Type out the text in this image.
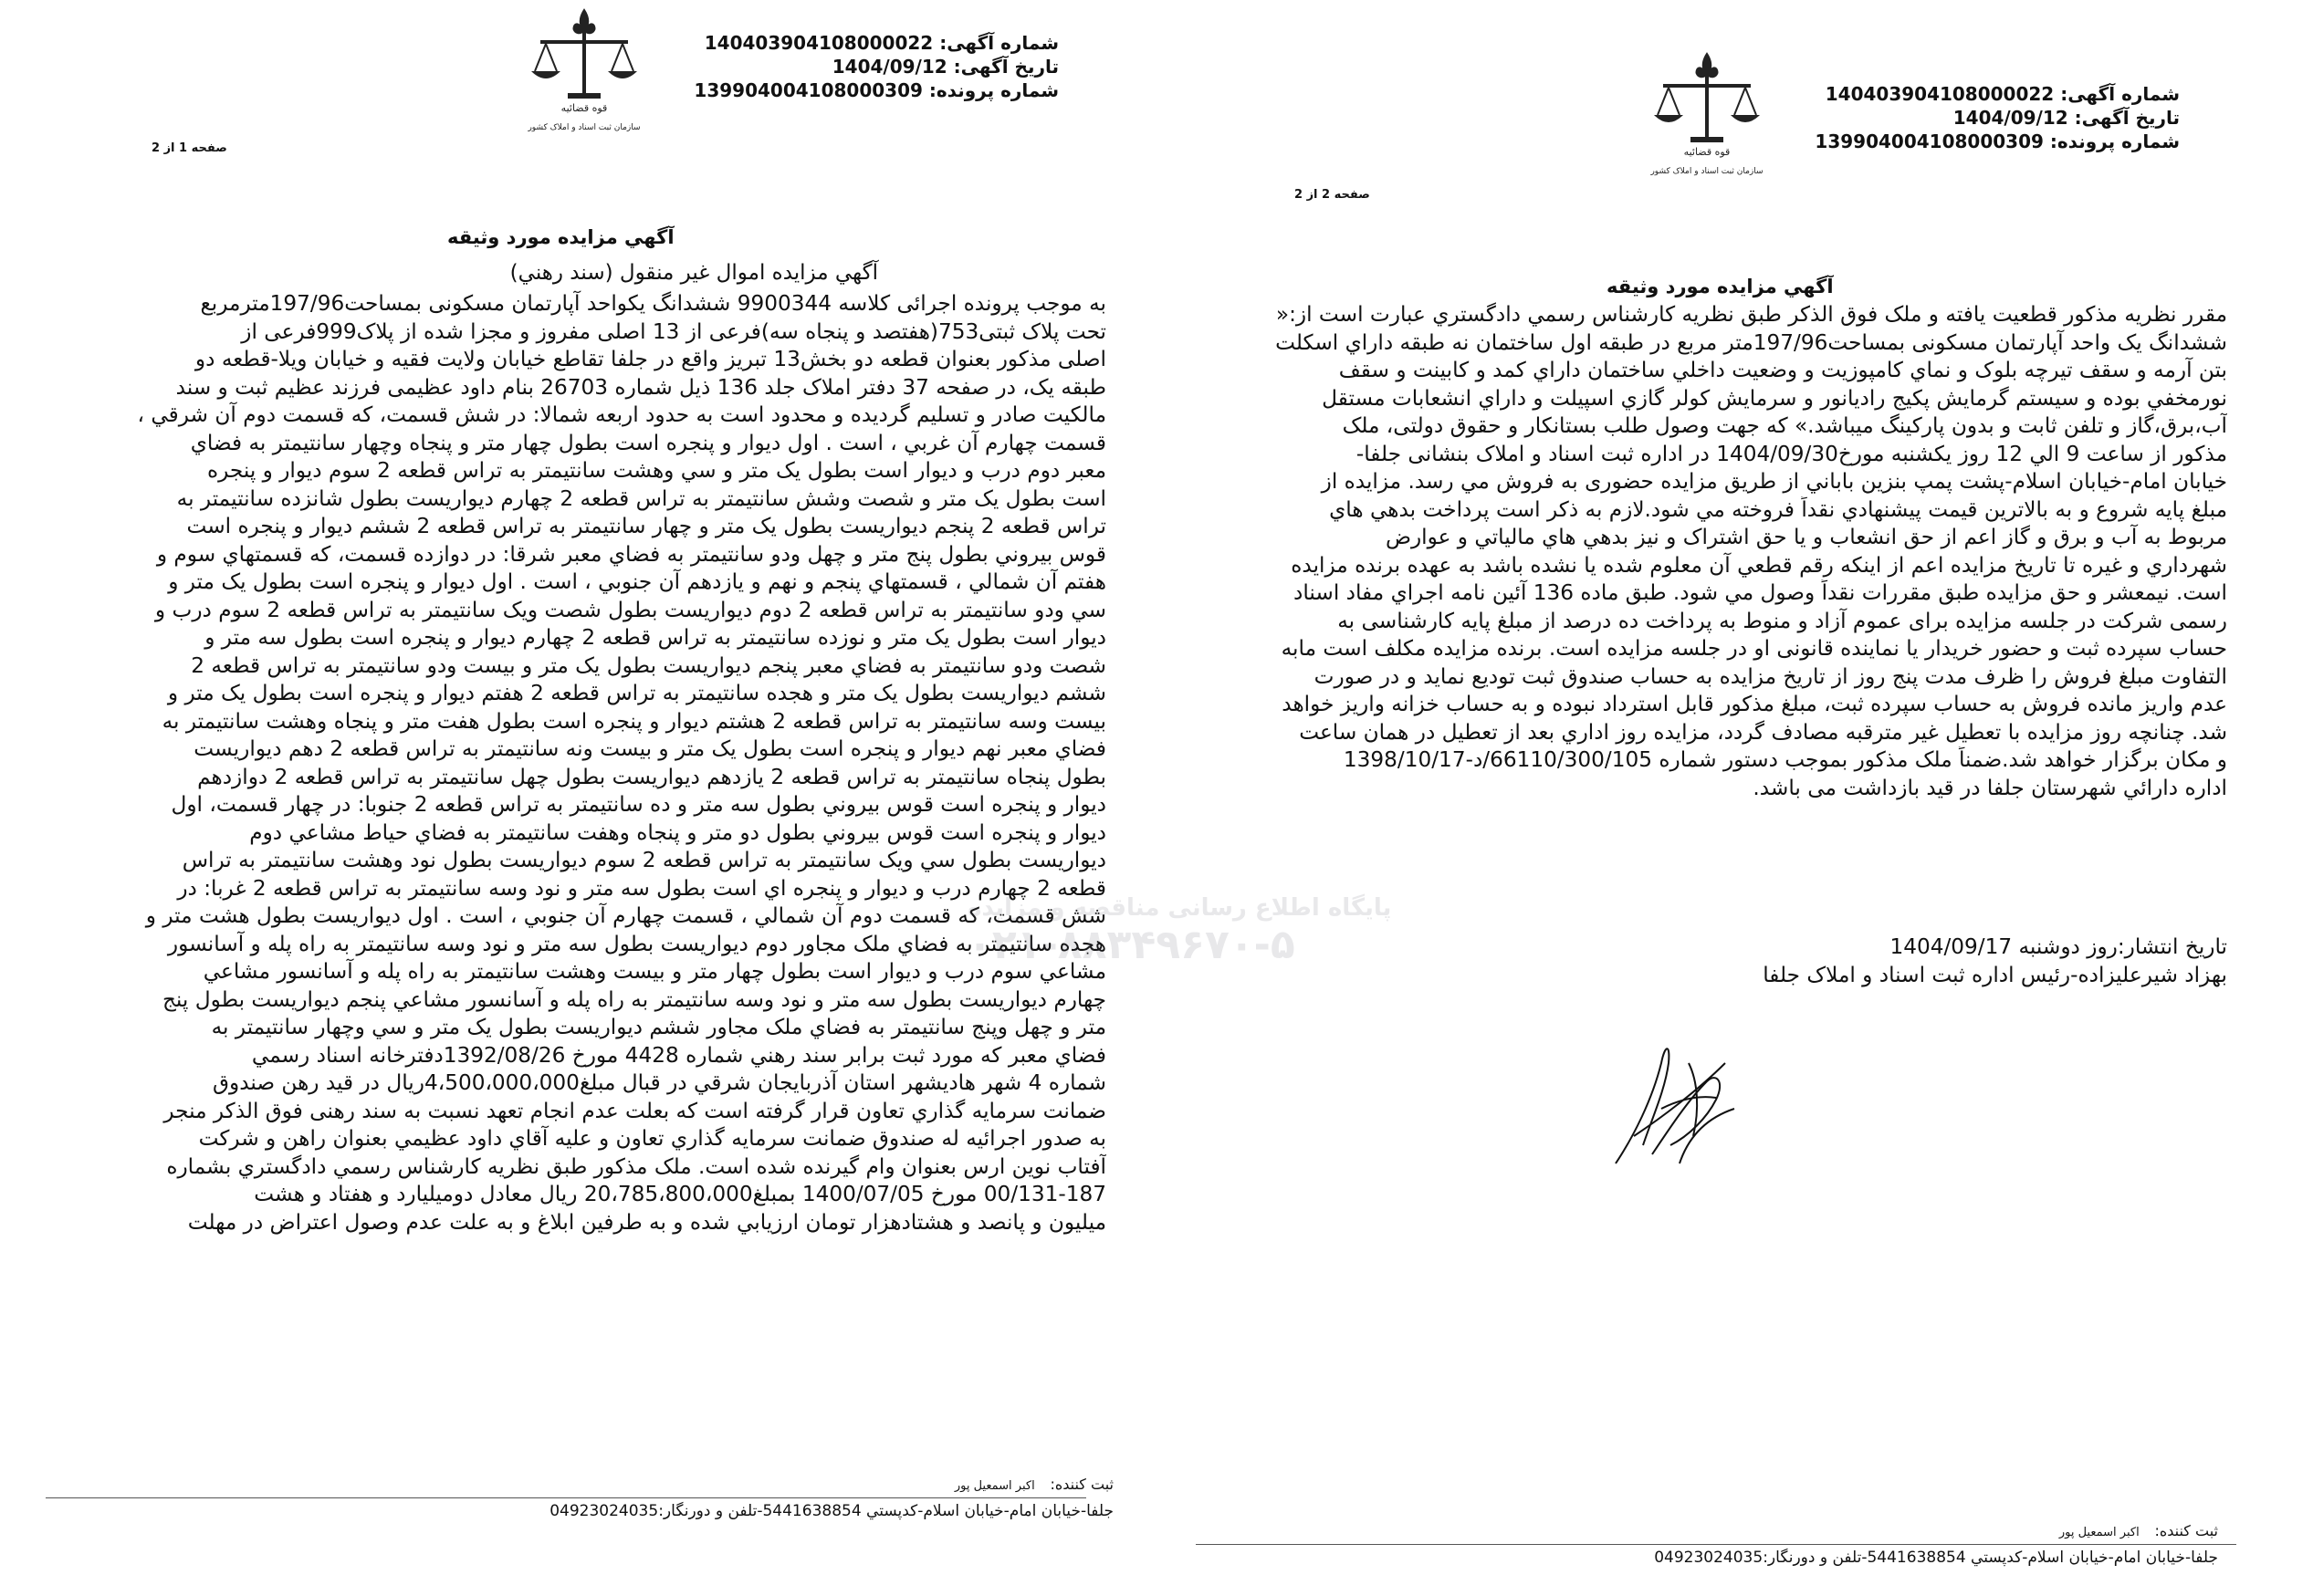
شماره آگهی: 140403904108000022
تاریخ آگهی: 1404/09/12
شماره پرونده: 139904004108000309
قوه قضائیه
سازمان ثبت اسناد و املاک کشور
صفحه 1 از 2
آگهي مزايده مورد وثيقه
آگهي مزايده اموال غير منقول (سند رهني)
به موجب پرونده اجرائی کلاسه 9900344 ششدانگ يکواحد آپارتمان مسکونی بمساحت197/96مترمربع
تحت پلاک ثبتی753(هفتصد و پنجاه سه)فرعی از 13 اصلی مفروز و مجزا شده از پلاک999فرعی از
اصلی مذکور بعنوان قطعه دو بخش13 تبريز واقع در جلفا تقاطع خيابان ولايت فقيه و خيابان ويلا-قطعه دو
طبقه يک، در صفحه 37 دفتر املاک جلد 136 ذيل شماره 26703 بنام داود عظيمی فرزند عظيم ثبت و سند
مالکيت صادر و تسليم گرديده و محدود است به حدود اربعه شمالا: در شش قسمت، که قسمت دوم آن شرقي ،
قسمت چهارم آن غربي ، است . اول ديوار و پنجره است بطول چهار متر و پنجاه وچهار سانتيمتر به فضاي
معبر دوم درب و ديوار است بطول يک متر و سي وهشت سانتيمتر به تراس قطعه 2 سوم ديوار و پنجره
است بطول يک متر و شصت وشش سانتيمتر به تراس قطعه 2 چهارم ديواريست بطول شانزده سانتيمتر به
تراس قطعه 2 پنجم ديواريست بطول يک متر و چهار سانتيمتر به تراس قطعه 2 ششم ديوار و پنجره است
قوس بيروني بطول پنج متر و چهل ودو سانتيمتر به فضاي معبر شرقا: در دوازده قسمت، که قسمتهاي سوم و
هفتم آن شمالي ، قسمتهاي پنجم و نهم و يازدهم آن جنوبي ، است . اول ديوار و پنجره است بطول يک متر و
سي ودو سانتيمتر به تراس قطعه 2 دوم ديواريست بطول شصت ويک سانتيمتر به تراس قطعه 2 سوم درب و
ديوار است بطول يک متر و نوزده سانتيمتر به تراس قطعه 2 چهارم ديوار و پنجره است بطول سه متر و
شصت ودو سانتيمتر به فضاي معبر پنجم ديواريست بطول يک متر و بيست ودو سانتيمتر به تراس قطعه 2
ششم ديواريست بطول يک متر و هجده سانتيمتر به تراس قطعه 2 هفتم ديوار و پنجره است بطول يک متر و
بيست وسه سانتيمتر به تراس قطعه 2 هشتم ديوار و پنجره است بطول هفت متر و پنجاه وهشت سانتيمتر به
فضاي معبر نهم ديوار و پنجره است بطول يک متر و بيست ونه سانتيمتر به تراس قطعه 2 دهم ديواريست
بطول پنجاه سانتيمتر به تراس قطعه 2 يازدهم ديواريست بطول چهل سانتيمتر به تراس قطعه 2 دوازدهم
ديوار و پنجره است قوس بيروني بطول سه متر و ده سانتيمتر به تراس قطعه 2 جنوبا: در چهار قسمت، اول
ديوار و پنجره است قوس بيروني بطول دو متر و پنجاه وهفت سانتيمتر به فضاي حياط مشاعي دوم
ديواريست بطول سي ويک سانتيمتر به تراس قطعه 2 سوم ديواريست بطول نود وهشت سانتيمتر به تراس
قطعه 2 چهارم درب و ديوار و پنجره اي است بطول سه متر و نود وسه سانتيمتر به تراس قطعه 2 غربا: در
شش قسمت، که قسمت دوم آن شمالي ، قسمت چهارم آن جنوبي ، است . اول ديواريست بطول هشت متر و
هجده سانتيمتر به فضاي ملک مجاور دوم ديواريست بطول سه متر و نود وسه سانتيمتر به راه پله و آسانسور
مشاعي سوم درب و ديوار است بطول چهار متر و بيست وهشت سانتيمتر به راه پله و آسانسور مشاعي
چهارم ديواريست بطول سه متر و نود وسه سانتيمتر به راه پله و آسانسور مشاعي پنجم ديواريست بطول پنج
متر و چهل وپنج سانتيمتر به فضاي ملک مجاور ششم ديواريست بطول يک متر و سي وچهار سانتيمتر به
فضاي معبر که مورد ثبت برابر سند رهني شماره 4428 مورخ 1392/08/26دفترخانه اسناد رسمي
شماره 4 شهر هاديشهر استان آذربايجان شرقي در قبال مبلغ4،500،000،000ريال در قيد رهن صندوق
ضمانت سرمايه گذاري تعاون قرار گرفته است که بعلت عدم انجام تعهد نسبت به سند رهنی فوق الذکر منجر
به صدور اجرائيه له صندوق ضمانت سرمايه گذاري تعاون و عليه آقاي داود عظيمي بعنوان راهن و شرکت
آفتاب نوين ارس بعنوان وام گيرنده شده است. ملک مذکور طبق نظريه کارشناس رسمي دادگستري بشماره
00/131-187 مورخ 1400/07/05 بمبلغ20،785،800،000 ريال معادل دوميليارد و هفتاد و هشت
ميليون و پانصد و هشتادهزار تومان ارزيابي شده و به طرفين ابلاغ و به علت عدم وصول اعتراض در مهلت
ثبت کننده: اکبر اسمعیل پور
جلفا-خیابان امام-خیابان اسلام-کدپستي 5441638854-تلفن و دورنگار:04923024035
شماره آگهی: 140403904108000022
تاریخ آگهی: 1404/09/12
شماره پرونده: 139904004108000309
قوه قضائیه
سازمان ثبت اسناد و املاک کشور
صفحه 2 از 2
آگهي مزايده مورد وثيقه
مقرر نظريه مذکور قطعيت يافته و ملک فوق الذکر طبق نظريه کارشناس رسمي دادگستري عبارت است از:«
ششدانگ يک واحد آپارتمان مسکونی بمساحت197/96متر مربع در طبقه اول ساختمان نه طبقه داراي اسکلت
بتن آرمه و سقف تيرچه بلوک و نماي کامپوزيت و وضعيت داخلي ساختمان داراي کمد و کابينت و سقف
نورمخفي بوده و سيستم گرمايش پکيج راديانور و سرمايش کولر گازي اسپيلت و داراي انشعابات مستقل
آب،برق،گاز و تلفن ثابت و بدون پارکينگ ميباشد.» که جهت وصول طلب بستانکار و حقوق دولتی، ملک
مذکور از ساعت 9 الي 12 روز يکشنبه مورخ1404/09/30 در اداره ثبت اسناد و املاک بنشانی جلفا-
خيابان امام-خيابان اسلام-پشت پمپ بنزين باباني از طريق مزايده حضوری به فروش مي رسد. مزايده از
مبلغ پايه شروع و به بالاترين قيمت پيشنهادي نقداً فروخته مي شود.لازم به ذکر است پرداخت بدهي هاي
مربوط به آب و برق و گاز اعم از حق انشعاب و يا حق اشتراک و نيز بدهي هاي مالياتي و عوارض
شهرداري و غيره تا تاريخ مزايده اعم از اينکه رقم قطعي آن معلوم شده يا نشده باشد به عهده برنده مزايده
است. نيمعشر و حق مزايده طبق مقررات نقداً وصول مي شود. طبق ماده 136 آئين نامه اجراي مفاد اسناد
رسمی شرکت در جلسه مزايده برای عموم آزاد و منوط به پرداخت ده درصد از مبلغ پايه کارشناسی به
حساب سپرده ثبت و حضور خريدار يا نماينده قانونی او در جلسه مزايده است. برنده مزايده مکلف است مابه
التفاوت مبلغ فروش را ظرف مدت پنج روز از تاريخ مزايده به حساب صندوق ثبت توديع نمايد و در صورت
عدم واريز مانده فروش به حساب سپرده ثبت، مبلغ مذکور قابل استرداد نبوده و به حساب خزانه واريز خواهد
شد. چنانچه روز مزايده با تعطيل غير مترقبه مصادف گردد، مزايده روز اداري بعد از تعطيل در همان ساعت
و مکان برگزار خواهد شد.ضمناً ملک مذکور بموجب دستور شماره 66110/300/105/د-1398/10/17
اداره دارائي شهرستان جلفا در قيد بازداشت می باشد.
تاريخ انتشار:روز دوشنبه 1404/09/17
بهزاد شيرعليزاده-رئيس اداره ثبت اسناد و املاک جلفا
ثبت کننده: اکبر اسمعیل پور
جلفا-خیابان امام-خیابان اسلام-کدپستي 5441638854-تلفن و دورنگار:04923024035
پایگاه اطلاع رسانی مناقصه و مزایده
۰۲۱-۸۸۳۴۹۶۷۰-۵
